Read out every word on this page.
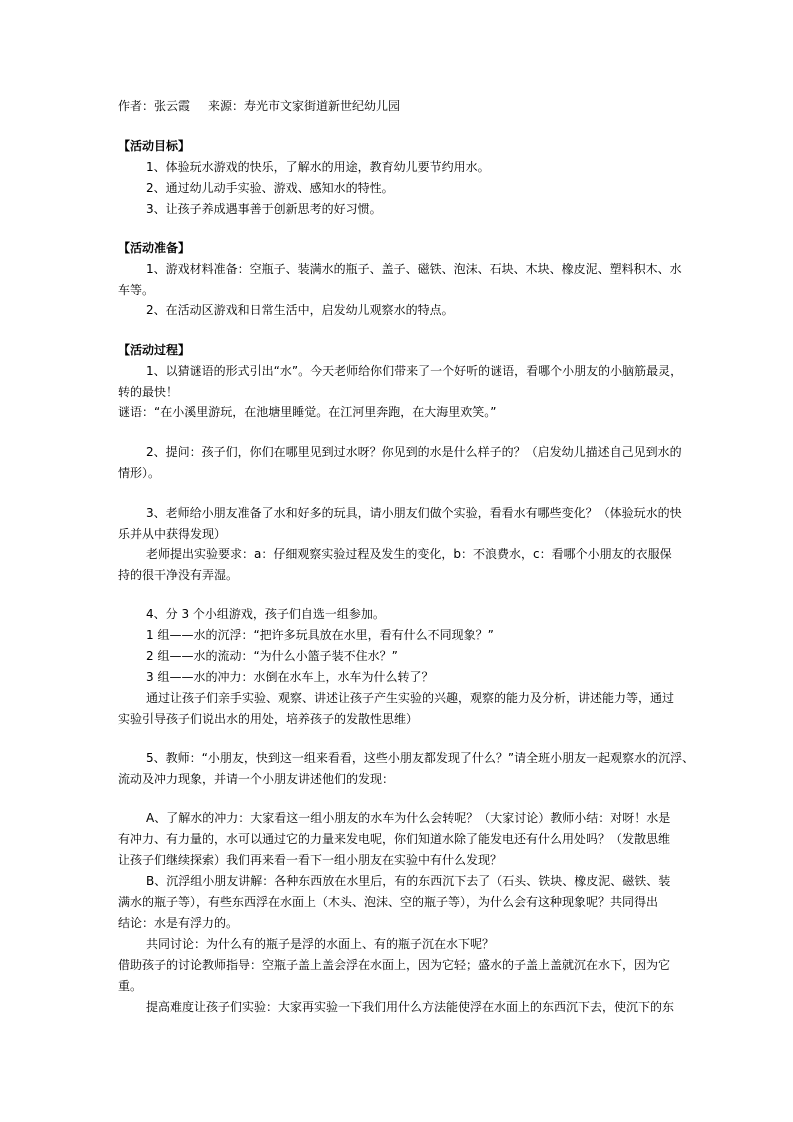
作者：张云霞 来源：寿光市文家街道新世纪幼儿园
【活动目标】
1、体验玩水游戏的快乐，了解水的用途，教育幼儿要节约用水。
2、通过幼儿动手实验、游戏、感知水的特性。
3、让孩子养成遇事善于创新思考的好习惯。
【活动准备】
1、游戏材料准备：空瓶子、装满水的瓶子、盖子、磁铁、泡沫、石块、木块、橡皮泥、塑料积木、水
车等。
2、在活动区游戏和日常生活中，启发幼儿观察水的特点。
【活动过程】
1、以猜谜语的形式引出“水”。今天老师给你们带来了一个好听的谜语，看哪个小朋友的小脑筋最灵，
转的最快！
谜语：“在小溪里游玩，在池塘里睡觉。在江河里奔跑，在大海里欢笑。”
2、提问：孩子们，你们在哪里见到过水呀？你见到的水是什么样子的？（启发幼儿描述自己见到水的
情形）。
3、老师给小朋友准备了水和好多的玩具，请小朋友们做个实验，看看水有哪些变化？（体验玩水的快
乐并从中获得发现）
老师提出实验要求：a：仔细观察实验过程及发生的变化，b：不浪费水，c：看哪个小朋友的衣服保
持的很干净没有弄湿。
4、分 3 个小组游戏，孩子们自选一组参加。
1 组——水的沉浮：“把许多玩具放在水里，看有什么不同现象？”
2 组——水的流动：“为什么小篮子装不住水？”
3 组——水的冲力：水倒在水车上，水车为什么转了？
通过让孩子们亲手实验、观察、讲述让孩子产生实验的兴趣，观察的能力及分析，讲述能力等，通过
实验引导孩子们说出水的用处，培养孩子的发散性思维）
5、教师：“小朋友，快到这一组来看看，这些小朋友都发现了什么？”请全班小朋友一起观察水的沉浮、
流动及冲力现象，并请一个小朋友讲述他们的发现：
A、了解水的冲力：大家看这一组小朋友的水车为什么会转呢？（大家讨论）教师小结：对呀！水是
有冲力、有力量的，水可以通过它的力量来发电呢，你们知道水除了能发电还有什么用处吗？（发散思维
让孩子们继续探索）我们再来看一看下一组小朋友在实验中有什么发现？
B、沉浮组小朋友讲解：各种东西放在水里后，有的东西沉下去了（石头、铁块、橡皮泥、磁铁、装
满水的瓶子等），有些东西浮在水面上（木头、泡沫、空的瓶子等），为什么会有这种现象呢？共同得出
结论：水是有浮力的。
共同讨论：为什么有的瓶子是浮的水面上、有的瓶子沉在水下呢？
借助孩子的讨论教师指导：空瓶子盖上盖会浮在水面上，因为它轻；盛水的子盖上盖就沉在水下，因为它
重。
提高难度让孩子们实验：大家再实验一下我们用什么方法能使浮在水面上的东西沉下去，使沉下的东
